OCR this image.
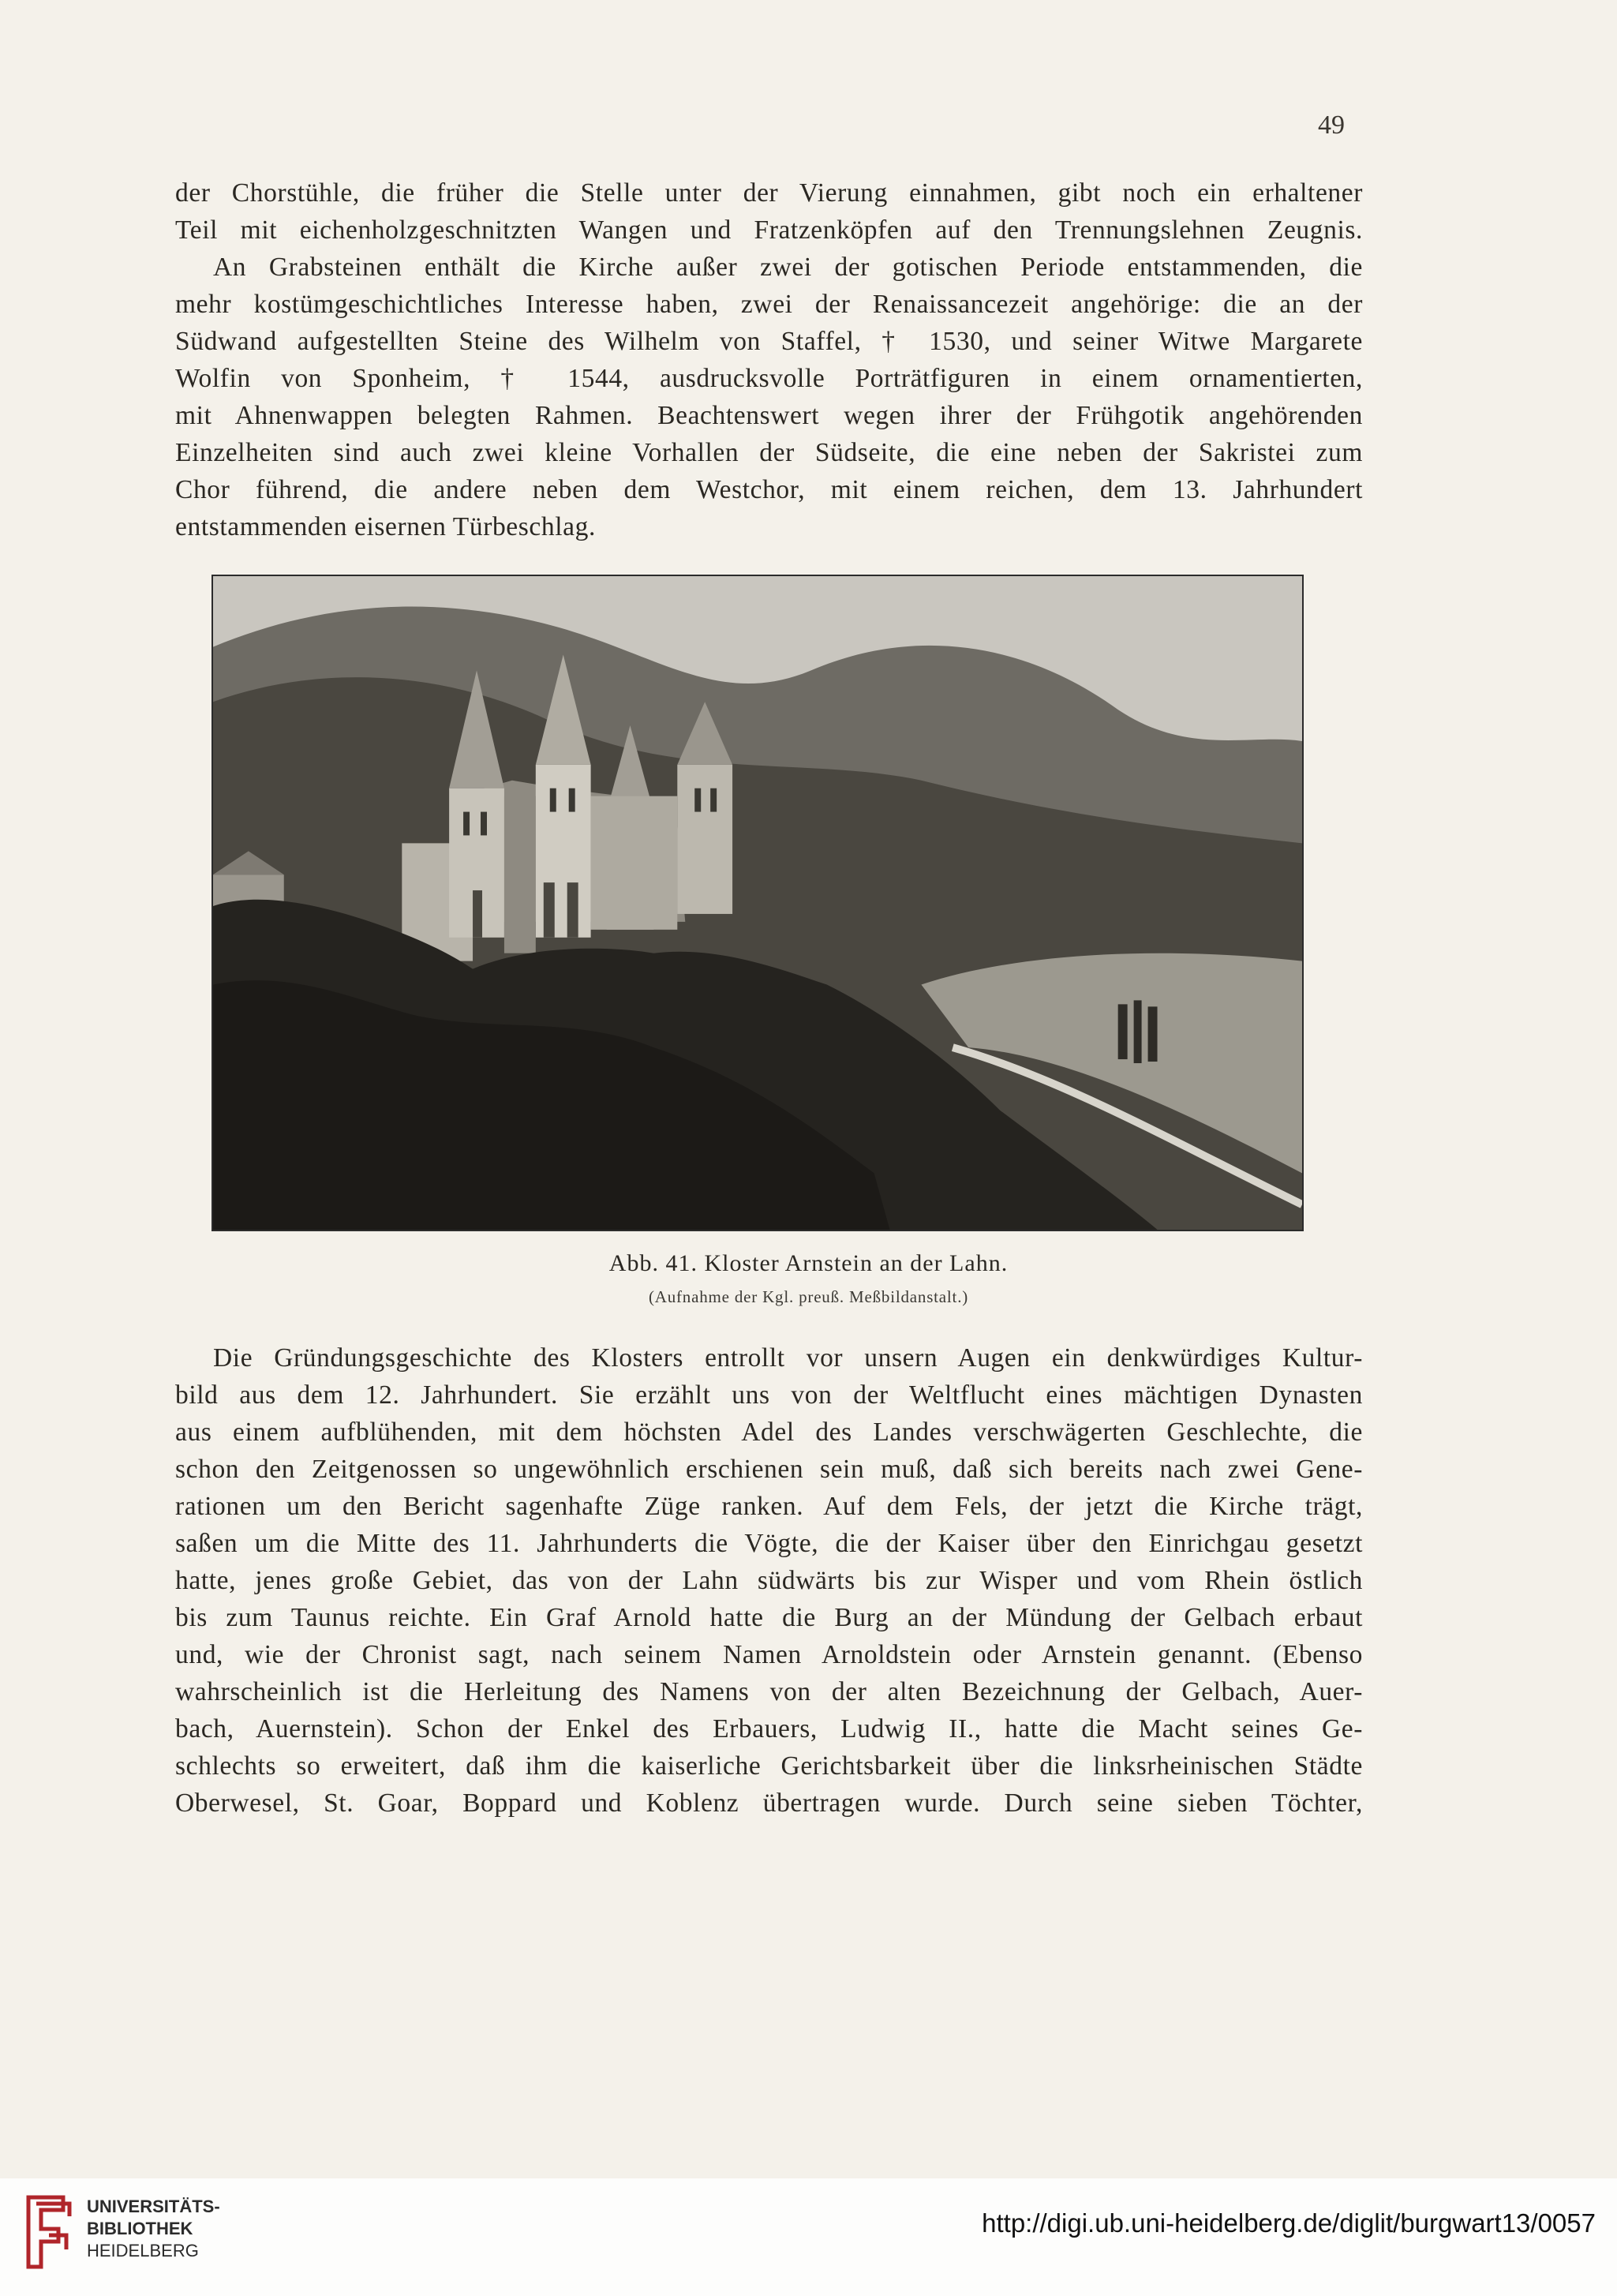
49
der Chorstühle, die früher die Stelle unter der Vierung einnahmen, gibt noch ein erhaltener
Teil mit eichenholzgeschnitzten Wangen und Fratzenköpfen auf den Trennungslehnen Zeugnis.
An Grabsteinen enthält die Kirche außer zwei der gotischen Periode entstammenden, die
mehr kostümgeschichtliches Interesse haben, zwei der Renaissancezeit angehörige: die an der
Südwand aufgestellten Steine des Wilhelm von Staffel, † 1530, und seiner Witwe Margarete
Wolfin von Sponheim, † 1544, ausdrucksvolle Porträtfiguren in einem ornamentierten,
mit Ahnenwappen belegten Rahmen. Beachtenswert wegen ihrer der Frühgotik angehörenden
Einzelheiten sind auch zwei kleine Vorhallen der Südseite, die eine neben der Sakristei zum
Chor führend, die andere neben dem Westchor, mit einem reichen, dem 13. Jahrhundert
entstammenden eisernen Türbeschlag.
Abb. 41. Kloster Arnstein an der Lahn.
(Aufnahme der Kgl. preuß. Meßbildanstalt.)
Die Gründungsgeschichte des Klosters entrollt vor unsern Augen ein denkwürdiges Kultur-
bild aus dem 12. Jahrhundert. Sie erzählt uns von der Weltflucht eines mächtigen Dynasten
aus einem aufblühenden, mit dem höchsten Adel des Landes verschwägerten Geschlechte, die
schon den Zeitgenossen so ungewöhnlich erschienen sein muß, daß sich bereits nach zwei Gene-
rationen um den Bericht sagenhafte Züge ranken. Auf dem Fels, der jetzt die Kirche trägt,
saßen um die Mitte des 11. Jahrhunderts die Vögte, die der Kaiser über den Einrichgau gesetzt
hatte, jenes große Gebiet, das von der Lahn südwärts bis zur Wisper und vom Rhein östlich
bis zum Taunus reichte. Ein Graf Arnold hatte die Burg an der Mündung der Gelbach erbaut
und, wie der Chronist sagt, nach seinem Namen Arnoldstein oder Arnstein genannt. (Ebenso
wahrscheinlich ist die Herleitung des Namens von der alten Bezeichnung der Gelbach, Auer-
bach, Auernstein). Schon der Enkel des Erbauers, Ludwig II., hatte die Macht seines Ge-
schlechts so erweitert, daß ihm die kaiserliche Gerichtsbarkeit über die linksrheinischen Städte
Oberwesel, St. Goar, Boppard und Koblenz übertragen wurde. Durch seine sieben Töchter,
UNIVERSITÄTS-
BIBLIOTHEK
HEIDELBERG
http://digi.ub.uni-heidelberg.de/diglit/burgwart13/0057
